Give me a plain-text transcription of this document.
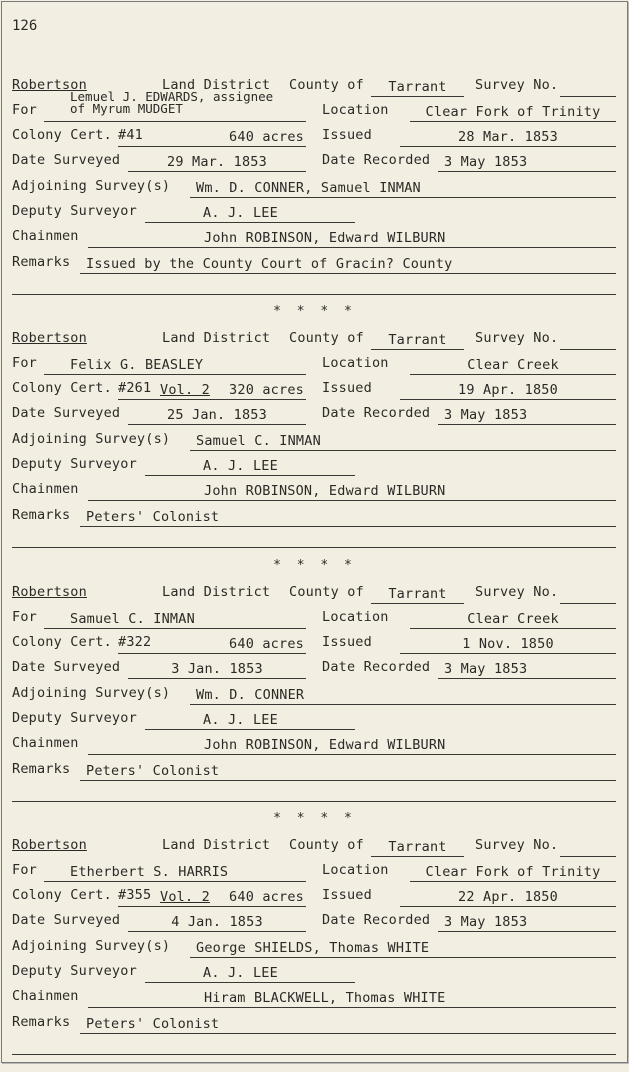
126
Robertson	Land District County of	Tarrant	Survey No.
For
Lemuel J. EDWARDS, assignee
of Myrum MUDGET	Location	Clear Fork of Trinity
Colony Cert. #41	640 acres Issued	28 Mar. 1853
Date Surveyed	29 Mar. 1853	Date Recorded 3 May 1853
Adjoining Survey(s) Wm. D. CONNER, Samuel INMAN
Deputy Surveyor	A. J. LEE
Chainmen	John ROBINSON, Edward WILBURN
Remarks Issued by the County Court of Gracin? County
Robertson	Land District County of	Tarrant	Survey No.
For Felix G. BEASLEY	Location	Clear Creek
Colony Cert. #261 Vol. 2 320 acres Issued	19 Apr. 1850
Date Surveyed	25 Jan. 1853	Date Recorded 3 May 1853
Adjoining Survey(s) Samuel C. INMAN
Deputy Surveyor	A. J. LEE
Chainmen	John ROBINSON, Edward WILBURN
Remarks Peters' Colonist
Robertson	Land District County of	Tarrant	Survey No.
For Samuel C. INMAN	Location	Clear Creek
Colony Cert. #322	640 acres Issued	1 Nov. 1850
Date Surveyed	3 Jan. 1853	Date Recorded 3 May 1853
Adjoining Survey(s) Wm. D. CONNER
Deputy Surveyor	A. J. LEE
Chainmen	John ROBINSON, Edward WILBURN
Remarks Peters' Colonist
Robertson	Land District County of	Tarrant	Survey No.
For Etherbert S. HARRIS	Location	Clear Fork of Trinity
Colony Cert. #355 Vol. 2 640 acres Issued	22 Apr. 1850
Date Surveyed	4 Jan. 1853	Date Recorded 3 May 1853
Adjoining Survey(s) George SHIELDS, Thomas WHITE
Deputy Surveyor	A. J. LEE
Chainmen	Hiram BLACKWELL, Thomas WHITE
Remarks Peters' Colonist
* * * *
* * * *
* * * *
